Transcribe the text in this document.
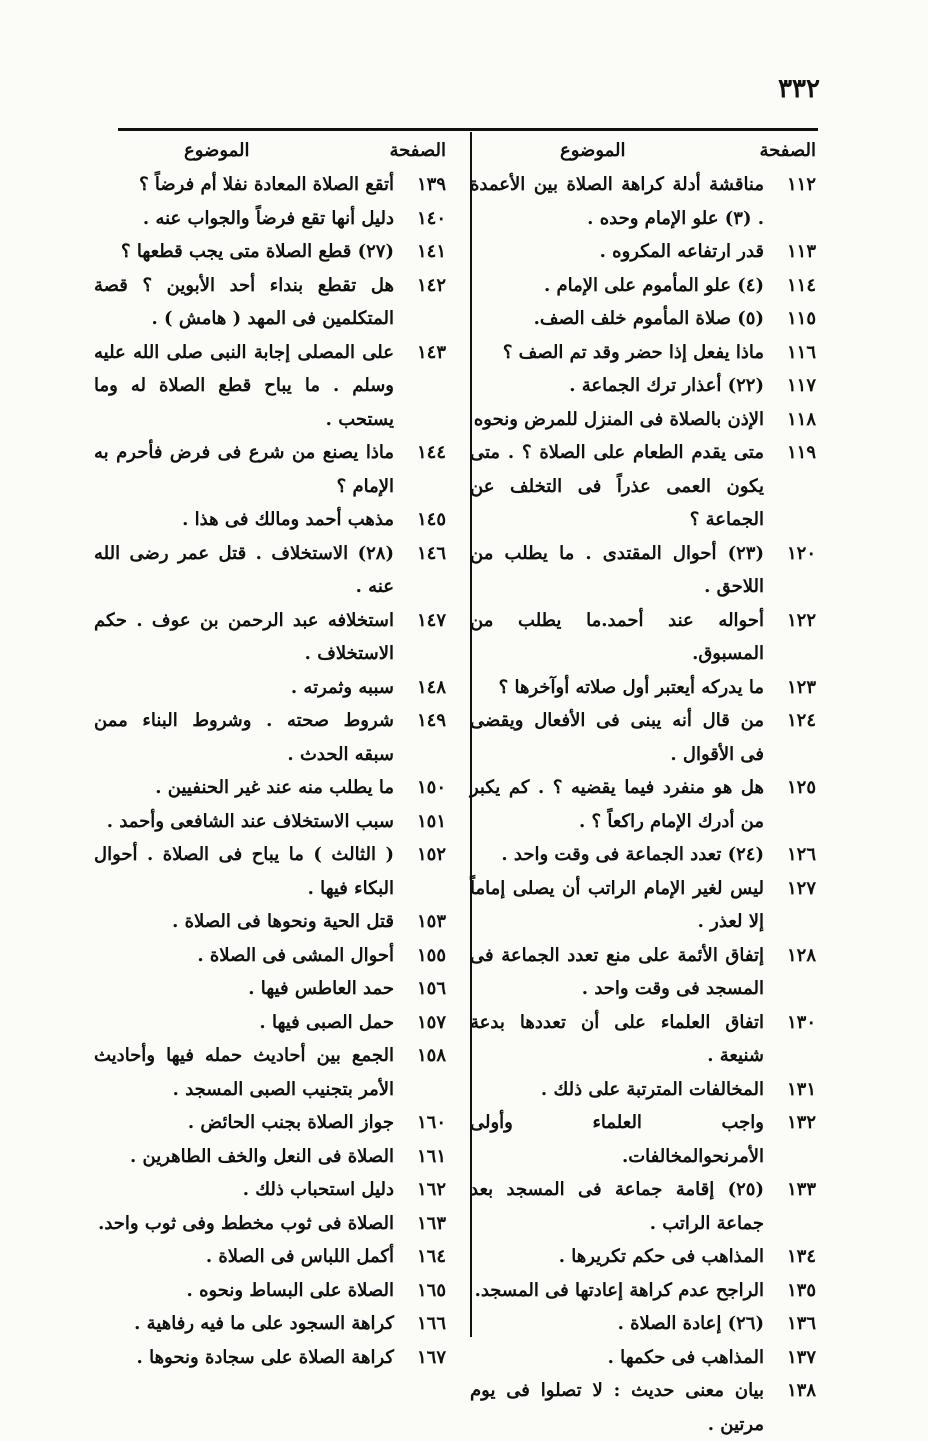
٣٣٢
الصفحة
الموضوع
١١٢
مناقشة أدلة كراهة الصلاة بين الأعمدة . (٣) علو الإمام وحده .
١١٣
قدر ارتفاعه المكروه .
١١٤
(٤) علو المأموم على الإمام .
١١٥
(٥) صلاة المأموم خلف الصف.
١١٦
ماذا يفعل إذا حضر وقد تم الصف ؟
١١٧
(٢٢) أعذار ترك الجماعة .
١١٨
الإذن بالصلاة فى المنزل للمرض ونحوه
١١٩
متى يقدم الطعام على الصلاة ؟ . متى يكون العمى عذراً فى التخلف عن الجماعة ؟
١٢٠
(٢٣) أحوال المقتدى . ما يطلب من اللاحق .
١٢٢
أحواله عند أحمد.ما يطلب من المسبوق.
١٢٣
ما يدركه أيعتبر أول صلاته أوآخرها ؟
١٢٤
من قال أنه يبنى فى الأفعال ويقضى فى الأقوال .
١٢٥
هل هو منفرد فيما يقضيه ؟ . كم يكبر من أدرك الإمام راكعاً ؟ .
١٢٦
(٢٤) تعدد الجماعة فى وقت واحد .
١٢٧
ليس لغير الإمام الراتب أن يصلى إماماً إلا لعذر .
١٢٨
إتفاق الأئمة على منع تعدد الجماعة فى المسجد فى وقت واحد .
١٣٠
اتفاق العلماء على أن تعددها بدعة شنيعة .
١٣١
المخالفات المترتبة على ذلك .
١٣٢
واجب العلماء وأولى الأمرنحوالمخالفات.
١٣٣
(٢٥) إقامة جماعة فى المسجد بعد جماعة الراتب .
١٣٤
المذاهب فى حكم تكريرها .
١٣٥
الراجح عدم كراهة إعادتها فى المسجد.
١٣٦
(٢٦) إعادة الصلاة .
١٣٧
المذاهب فى حكمها .
١٣٨
بيان معنى حديث : لا تصلوا فى يوم مرتين .
الصفحة
الموضوع
١٣٩
أتقع الصلاة المعادة نفلا أم فرضاً ؟
١٤٠
دليل أنها تقع فرضاً والجواب عنه .
١٤١
(٢٧) قطع الصلاة متى يجب قطعها ؟
١٤٢
هل تقطع بنداء أحد الأبوين ؟ قصة المتكلمين فى المهد ( هامش ) .
١٤٣
على المصلى إجابة النبى صلى الله عليه وسلم . ما يباح قطع الصلاة له وما يستحب .
١٤٤
ماذا يصنع من شرع فى فرض فأحرم به الإمام ؟
١٤٥
مذهب أحمد ومالك فى هذا .
١٤٦
(٢٨) الاستخلاف . قتل عمر رضى الله عنه .
١٤٧
استخلافه عبد الرحمن بن عوف . حكم الاستخلاف .
١٤٨
سببه وثمرته .
١٤٩
شروط صحته . وشروط البناء ممن سبقه الحدث .
١٥٠
ما يطلب منه عند غير الحنفيين .
١٥١
سبب الاستخلاف عند الشافعى وأحمد .
١٥٢
( الثالث ) ما يباح فى الصلاة . أحوال البكاء فيها .
١٥٣
قتل الحية ونحوها فى الصلاة .
١٥٥
أحوال المشى فى الصلاة .
١٥٦
حمد العاطس فيها .
١٥٧
حمل الصبى فيها .
١٥٨
الجمع بين أحاديث حمله فيها وأحاديث الأمر بتجنيب الصبى المسجد .
١٦٠
جواز الصلاة بجنب الحائض .
١٦١
الصلاة فى النعل والخف الطاهرين .
١٦٢
دليل استحباب ذلك .
١٦٣
الصلاة فى ثوب مخطط وفى ثوب واحد.
١٦٤
أكمل اللباس فى الصلاة .
١٦٥
الصلاة على البساط ونحوه .
١٦٦
كراهة السجود على ما فيه رفاهية .
١٦٧
كراهة الصلاة على سجادة ونحوها .
